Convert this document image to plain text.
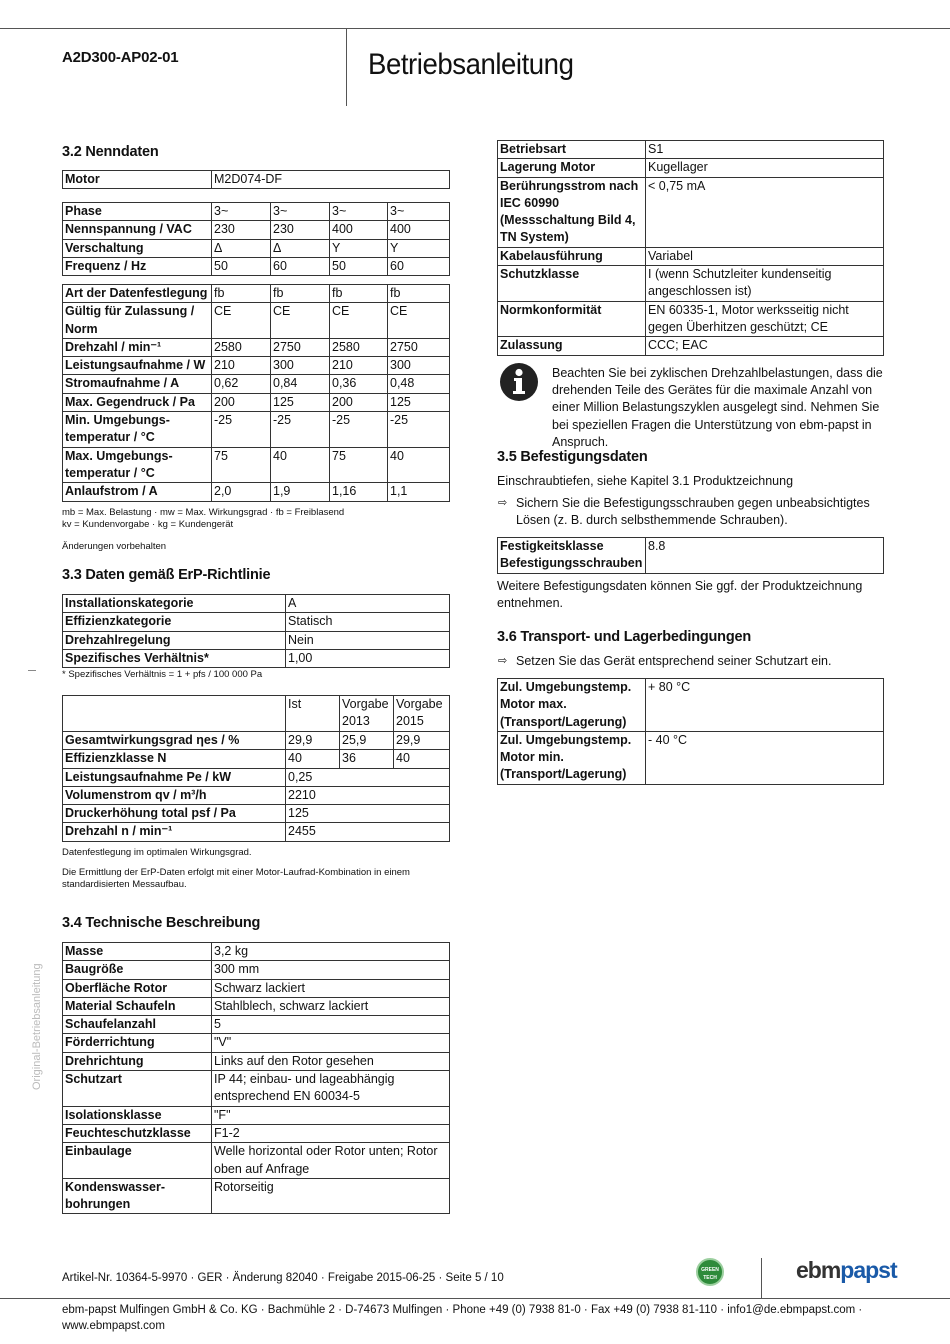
A2D300-AP02-01	Betriebsanleitung
3.2 Nenndaten
Motor	M2D074-DF
Phase	3~	3~	3~	3~
Nennspannung / VAC	230	230	400	400
Verschaltung	Δ	Δ	Y	Y
Frequenz / Hz	50	60	50	60
Art der Datenfestlegung	fb	fb	fb	fb
Gültig für Zulassung / Norm	CE	CE	CE	CE
Drehzahl / min⁻¹	2580	2750	2580	2750
Leistungsaufnahme / W	210	300	210	300
Stromaufnahme / A	0,62	0,84	0,36	0,48
Max. Gegendruck / Pa	200	125	200	125
Min. Umgebungs-temperatur / °C	-25	-25	-25	-25
Max. Umgebungs-temperatur / °C	75	40	75	40
Anlaufstrom / A	2,0	1,9	1,16	1,1
mb = Max. Belastung · mw = Max. Wirkungsgrad · fb = Freiblasend
kv = Kundenvorgabe · kg = Kundengerät
Änderungen vorbehalten
3.3 Daten gemäß ErP-Richtlinie
Installationskategorie	A
Effizienzkategorie	Statisch
Drehzahlregelung	Nein
Spezifisches Verhältnis*	1,00
* Spezifisches Verhältnis = 1 + pfs / 100 000 Pa
	Ist	Vorgabe 2013	Vorgabe 2015
Gesamtwirkungsgrad ηes / %	29,9	25,9	29,9
Effizienzklasse N	40	36	40
Leistungsaufnahme Pe / kW	0,25		
Volumenstrom qv / m³/h	2210		
Druckerhöhung total psf / Pa	125		
Drehzahl n / min⁻¹	2455		
Datenfestlegung im optimalen Wirkungsgrad.
Die Ermittlung der ErP-Daten erfolgt mit einer Motor-Laufrad-Kombination in einem standardisierten Messaufbau.
3.4 Technische Beschreibung
Masse	3,2 kg
Baugröße	300 mm
Oberfläche Rotor	Schwarz lackiert
Material Schaufeln	Stahlblech, schwarz lackiert
Schaufelanzahl	5
Förderrichtung	"V"
Drehrichtung	Links auf den Rotor gesehen
Schutzart	IP 44; einbau- und lageabhängig entsprechend EN 60034-5
Isolationsklasse	"F"
Feuchteschutzklasse	F1-2
Einbaulage	Welle horizontal oder Rotor unten; Rotor oben auf Anfrage
Kondenswasser-bohrungen	Rotorseitig
Betriebsart	S1
Lagerung Motor	Kugellager
Berührungsstrom nach IEC 60990 (Messschaltung Bild 4, TN System)	< 0,75 mA
Kabelausführung	Variabel
Schutzklasse	I (wenn Schutzleiter kundenseitig angeschlossen ist)
Normkonformität	EN 60335-1, Motor werksseitig nicht gegen Überhitzen geschützt; CE
Zulassung	CCC; EAC
Beachten Sie bei zyklischen Drehzahlbelastungen, dass die drehenden Teile des Gerätes für die maximale Anzahl von einer Million Belastungszyklen ausgelegt sind. Nehmen Sie bei speziellen Fragen die Unterstützung von ebm-papst in Anspruch.
3.5 Befestigungsdaten
Einschraubtiefen, siehe Kapitel 3.1 Produktzeichnung
⇨ Sichern Sie die Befestigungsschrauben gegen unbeabsichtigtes Lösen (z. B. durch selbsthemmende Schrauben).
Festigkeitsklasse Befestigungsschrauben	8.8
Weitere Befestigungsdaten können Sie ggf. der Produktzeichnung entnehmen.
3.6 Transport- und Lagerbedingungen
⇨ Setzen Sie das Gerät entsprechend seiner Schutzart ein.
Zul. Umgebungstemp. Motor max. (Transport/Lagerung)	+ 80 °C
Zul. Umgebungstemp. Motor min. (Transport/Lagerung)	- 40 °C
Original-Betriebsanleitung
Artikel-Nr. 10364-5-9970 · GER · Änderung 82040 · Freigabe 2015-06-25 · Seite 5 / 10
GREEN TECH	ebmpapst
ebm-papst Mulfingen GmbH & Co. KG · Bachmühle 2 · D-74673 Mulfingen · Phone +49 (0) 7938 81-0 · Fax +49 (0) 7938 81-110 · info1@de.ebmpapst.com · www.ebmpapst.com
